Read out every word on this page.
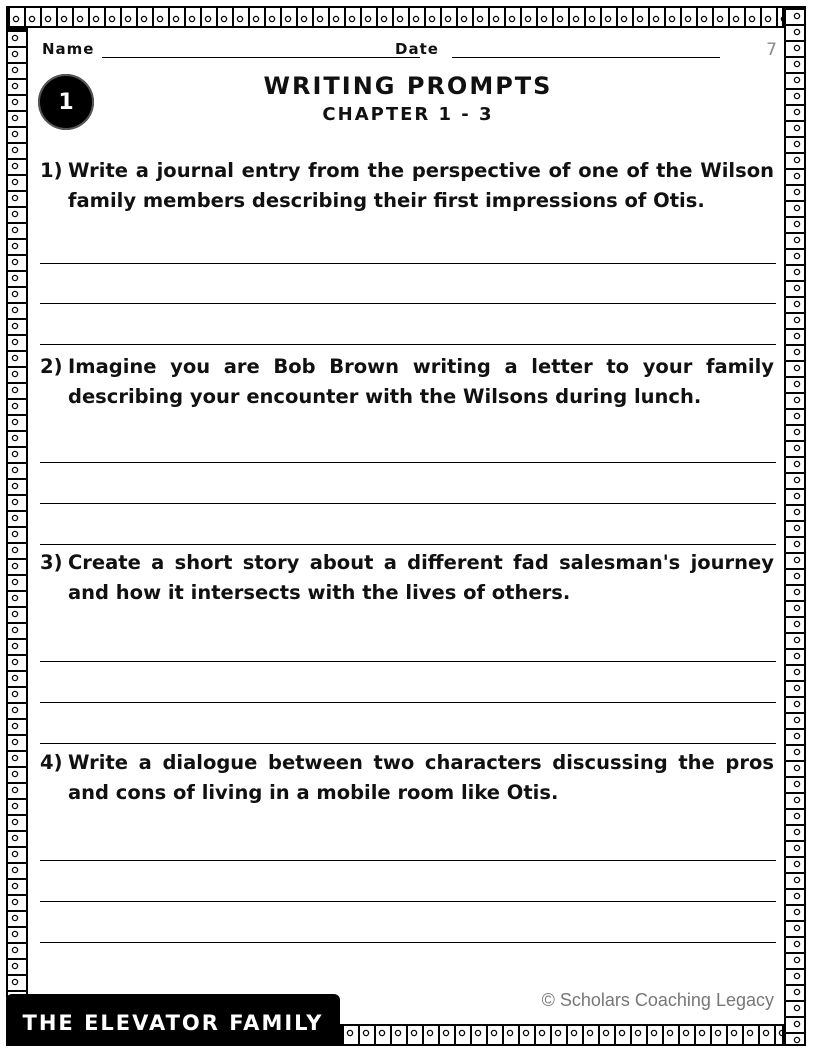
Name	Date	7
1
WRITING PROMPTS
CHAPTER 1 - 3
1) Write a journal entry from the perspective of one of the Wilson family members describing their first impressions of Otis.
2) Imagine you are Bob Brown writing a letter to your family describing your encounter with the Wilsons during lunch.
3) Create a short story about a different fad salesman's journey and how it intersects with the lives of others.
4) Write a dialogue between two characters discussing the pros and cons of living in a mobile room like Otis.
THE ELEVATOR FAMILY
© Scholars Coaching Legacy
